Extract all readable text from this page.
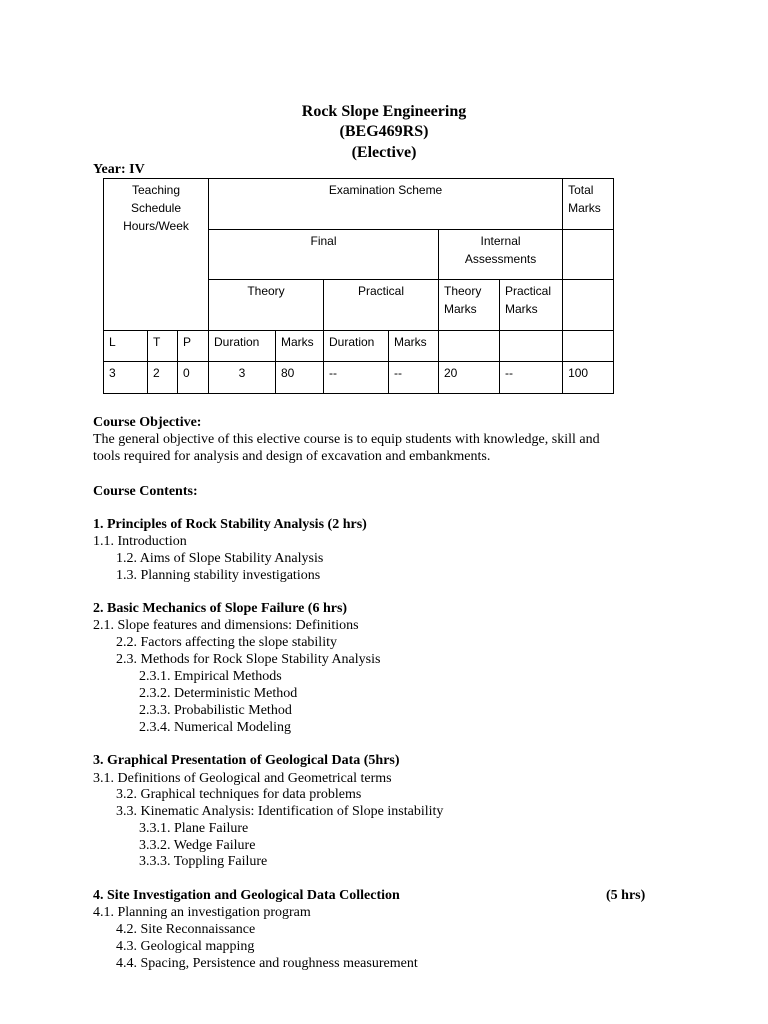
Rock Slope Engineering
(BEG469RS)
(Elective)
Year: IV
Teaching Schedule Hours/Week			Examination Scheme						Total Marks
			Final				Internal Assessments		
			Theory		Practical		Theory Marks	Practical Marks	
L	T	P	Duration	Marks	Duration	Marks			
3	2	0	3	80	--	--	20	--	100
Course Objective:
The general objective of this elective course is to equip students with knowledge, skill and
tools required for analysis and design of excavation and embankments.
Course Contents:
1. Principles of Rock Stability Analysis (2 hrs)
1.1. Introduction
1.2. Aims of Slope Stability Analysis
1.3. Planning stability investigations
2. Basic Mechanics of Slope Failure (6 hrs)
2.1. Slope features and dimensions: Definitions
2.2. Factors affecting the slope stability
2.3. Methods for Rock Slope Stability Analysis
2.3.1. Empirical Methods
2.3.2. Deterministic Method
2.3.3. Probabilistic Method
2.3.4. Numerical Modeling
3. Graphical Presentation of Geological Data (5hrs)
3.1. Definitions of Geological and Geometrical terms
3.2. Graphical techniques for data problems
3.3. Kinematic Analysis: Identification of Slope instability
3.3.1. Plane Failure
3.3.2. Wedge Failure
3.3.3. Toppling Failure
4. Site Investigation and Geological Data Collection	(5 hrs)
4.1. Planning an investigation program
4.2. Site Reconnaissance
4.3. Geological mapping
4.4. Spacing, Persistence and roughness measurement
